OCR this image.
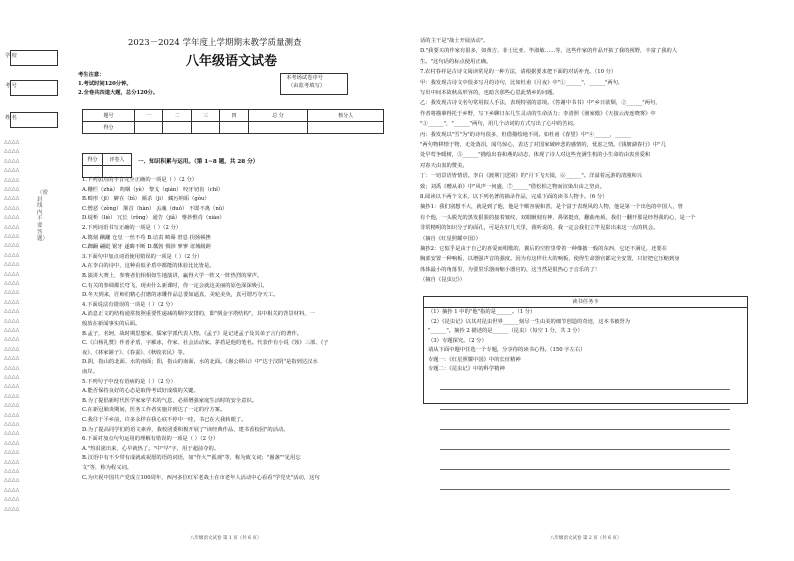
学 校
考 号
姓 名
△△△△
△△△△
△△△△
△△△△
△△△△
△△△△
△△△△
△△△△
△△△△
△△△△
△△△△
△△△△
△△△△
△△△△
△△△△
△△△△
△△△△
△△△△
△△△△
△△△△
△△△△
△△△△
△△△△
△△△△
△△△△
△△△△
△△△△
△△△△
△△△△
△△△△
△△△△
△△△△
△△△△
△△△△
△△△△
△△△△
△△△△
△△△△
△△△△
△△△△
（密 封 线 内 不 要 答 题）
2023－2024 学年度上学期期末教学质量测查
八年级语文试卷
考生注意：
1.考试时间120分钟。
2.全卷共四道大题，总分120分。
本考场试卷序号
（由监考填写）
题号	一	二	三	四	总 分	核分人
得分						
得分	评卷人
	一、知识积累与运用。（第 1~8 题，共 28 分）
1.下列加点的字音完全正确的一项是（ ）（2 分）
A.栅栏（zhà） 呜咽（yè） 黎戈（qián） 咬牙切齿（chǐ）
B.畸形（jī） 僻在（bì） 厮杀（ji） 藏污纳垢（gòu）
C.憎恶（zèng） 颔首（hàn） 丢魂（duǒ） 不即不离（nǔ）
D.绽析（liè） 冗长（rǒng） 通告（jiǎ） 惟妙惟肖（xiào）
2.下列词语书写正确的一项是（ ）（2 分）
A.镌刻 蹒跚 仓皇 一丝不苟 B.诘责 畸蓦 窘息 拐扬顿挫
C.踟蹰 翩跹 锯牙 遂晦不断 D.瓢勃 惆涉 寥寥 诓城级跨
3.下面句中加点词语使用错误的一项是（ ）（2 分）
A.在李白的诗中，这种看似矛盾中都能的体验比比皆是。
B.演讲大赛上，参赛者们相相如生地演讲，赢得大学一阵又一阵热烈的掌声。
C.有关的参调都长穹飞，现卖什么新课时，你一定会就这美丽的原色深深吸引。
D.冬天到来，匠师们精心打磨的冰雕作品总要如逼真、美轮美奂，真可谓巧夺天工。
4.下面说法有错误的一项是（ ）（2 分）
A.消息正文的结构通常按照重要性递减的顺序安排的，即"倒金字塔结构"，其中相关的背景材料，一
般放在新闻事实的后面。
B.孟子，名轲，战时期思想家，儒家学派代表人物。《孟子》是记述孟子及其弟子言行的著作。
C.《白杨礼赞》作者矛盾，字雁冰，作家、社会活动家。茅盾是他的笔名。代表作有小说《蚀》三部、《子
夜》、《林家铺子》、《春蚕》、《秋收农民》等。
D.阴，指山的北面、水的南面；阳，指山的南面，水的北面。《愚公移山》中"达于汉阴"是指到达汉水
南岸。
5.下列句子中没有语病的是（ ）（2 分）
A.能否保持良好的心态是取得考试好成绩的关键。
B.为了提倡新时代医学家家学术的气息，必须增强家庭生活时的安全意识。
C.在新冠肺炎期间，医务工作者实施并到达了一定的疗方案。
C.我往于平乡前，许多永样在我心底不停中一哇，书已在大我转眼了。
D.为了提高同学们的语文素养，我校团委积极开展了"读经典作品，建书香校园"的活动。
6.下面对加点句句运用的理解有错误的一项是（ ）（2 分）
A."热泪滚出来，心早就热了。"中"早"字，用于超前夺的。
B.汉语中有不少带有成就或祝愿的语的词语，如"作大""孤观"等，称为致文词；"愚盏""见用忘
文"等，称为程义词。
C.为庆祝中国共产党成立100周年，西河多位红军老战士在市老年人活动中心看看"学党史"活动，这句
八年级语文试卷 第 1 页（共 6 页）
话的主干是"战士开展活动"。
D."我要买的作家有很多，如黄吉、菲士比亚、毕淑敏……等，这些作家的作品开拓了我的视野，丰富了我的人
生。"这句话的标点使用正确。
7.农村春祥是古诗文阅读常见的一种方法，请根据要求把下面的对话补充。（10 分）
甲：我发现古诗文中很多写月的诗句，比如杜甫《月夜》中"①______"，______"两句，
写出中间本故秋高形容的，也暗含那些心思此情乡的问题。
乙：我发现古诗文名句常用拟人手法，表现特别的意境。《答谢中书书》中"乡日欲颓，②______"两句，
作者将描摹得托于乡野，写下乡聊日东几生灵动的生命活力；李清照《渔家傲》《天接云涛连晓雾》中
"③______"，"______"两句，用几个动词的方式写出了心中的苦闷。
丙：我发现以"雪"为"的诗句很多，但借描绘地不同。如杜甫《春望》中"④______，______
"两句物移情于物，无处落泪，闻鸟惊心，表达了对国家破碎悲的感情的，忧虑之情。《钱塘湖春行》中"几
处早莺争暖树，⑤______"描绘出春和燕的动态，体现了诗人对这些充满生机的小生命的由衷喜爱和
对春天由衷的赞美。
丁：一切景语皆情语。李白《渡荆门送别》的"月下飞天镜，⑥______"。洋溢着远游的清漫和兴
致；刘禹《赠从弟》中"风声一何盛，⑦______"借松柏之物而渲染出由之坚贞。
8.阅读以下两个文本，以下列名著的摘录作品，完成下面的读书人物卡。（6 分）
摘抄1：我们别想不大，就是到了他，他是个颇容貌和善，是个富于表现风的人物，他是第一个出色的中国人，曾
有个他，一头脱光的黑发狠狠的接着皱纹，双眼瞅刻有神，鼻梁挺直，翻曲角须。我们一翻开那是经得我的心，是一个
非常精明的知识分子的面孔，可是在好几天里，我听说的，我一定会我们立竿见影出来这一点的机会。
（摘自《红星照耀中国》）
摘抄2：它似乎是由于自己的喜爱而唱歌的，翼后的空腔里带着一种像披一般的东西，它还不满足，还要在
胸部安置一种响板，以增强声音的强度。因为有这样壮大的响板，使得生命器官都完全安置，只好把它压缩到身
体体最小的角落里，为要里乐器而缩小器官的，这当然是很热心于音乐的了！
（摘自《昆虫记》）
读书任务卡
（1）摘抄 1 中的"他"指的是______。（1 分）
（2）《昆虫记》以其对昆虫世界______刻尽一生由美的细节创造的奇迹，这本书被誉为
"______"。摘抄 2 描述的是______（昆虫）（每空 1 分，共 3 分）
（3）专题探究。（2 分）
请从下面中题中任选一个专题，分享你的读书心得。（150 字左右）
专题一：《红星照耀中国》中的长征精神
专题二：《昆虫记》中的科学精神
八年级语文试卷 第 2 页（共 6 页）
